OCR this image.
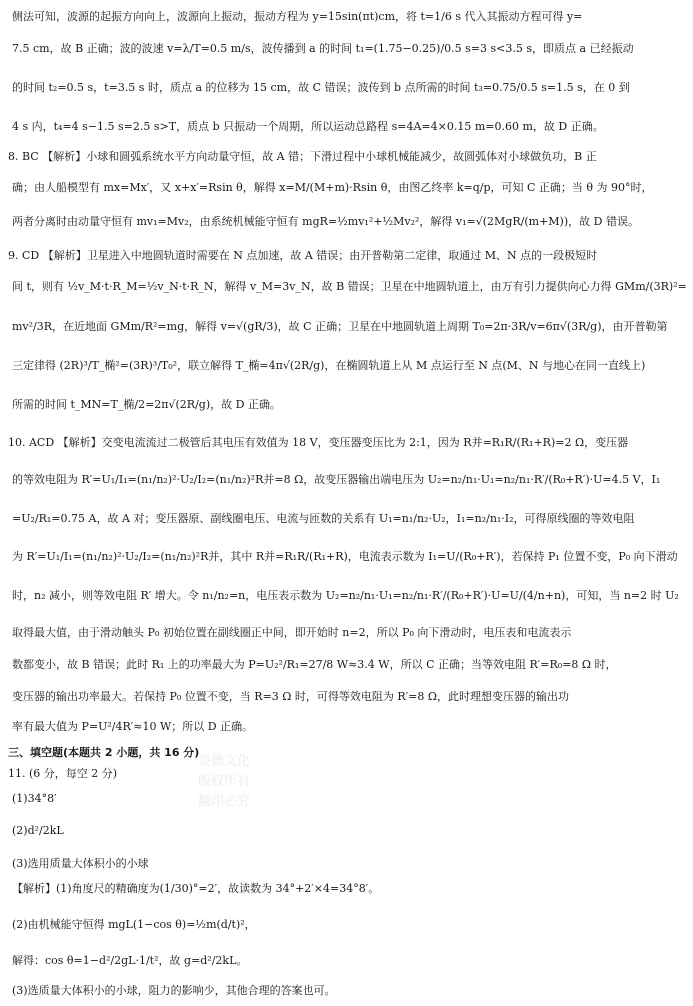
侧法可知，波源的起振方向向上，波源向上振动，振动方程为 y=15sin(πt)cm，将 t=1/6 s 代入其振动方程可得 y=
7.5 cm，故 B 正确；波的波速 v=λ/T=0.5 m/s，波传播到 a 的时间 t₁=(1.75−0.25)/0.5 s=3 s<3.5 s，即质点 a 已经振动
的时间 t₂=0.5 s，t=3.5 s 时，质点 a 的位移为 15 cm，故 C 错误；波传到 b 点所需的时间 t₃=0.75/0.5 s=1.5 s，在 0 到
4 s 内，t₄=4 s−1.5 s=2.5 s>T，质点 b 只振动一个周期，所以运动总路程 s=4A=4×0.15 m=0.60 m，故 D 正确。
8. BC 【解析】小球和圆弧系统水平方向动量守恒，故 A 错；下滑过程中小球机械能减少，故圆弧体对小球做负功，B 正
确；由人船模型有 mx=Mx′，又 x+x′=Rsin θ，解得 x=M/(M+m)·Rsin θ，由图乙终率 k=q/p，可知 C 正确；当 θ 为 90°时，
两者分离时由动量守恒有 mv₁=Mv₂，由系统机械能守恒有 mgR=½mv₁²+½Mv₂²，解得 v₁=√(2MgR/(m+M))，故 D 错误。
9. CD 【解析】卫星进入中地圆轨道时需要在 N 点加速，故 A 错误；由开普勒第二定律，取通过 M、N 点的一段极短时
间 t，则有 ½v_M·t·R_M=½v_N·t·R_N，解得 v_M=3v_N，故 B 错误；卫星在中地圆轨道上，由万有引力提供向心力得 GMm/(3R)²=
mv²/3R，在近地面 GMm/R²=mg，解得 v=√(gR/3)，故 C 正确；卫星在中地圆轨道上周期 T₀=2π·3R/v=6π√(3R/g)，由开普勒第
三定律得 (2R)³/T_椭²=(3R)³/T₀²，联立解得 T_椭=4π√(2R/g)，在椭圆轨道上从 M 点运行至 N 点(M、N 与地心在同一直线上)
所需的时间 t_MN=T_椭/2=2π√(2R/g)，故 D 正确。
10. ACD 【解析】交变电流流过二极管后其电压有效值为 18 V，变压器变压比为 2:1，因为 R并=R₁R/(R₁+R)=2 Ω，变压器
的等效电阻为 R′=U₁/I₁=(n₁/n₂)²·U₂/I₂=(n₁/n₂)²R并=8 Ω，故变压器输出端电压为 U₂=n₂/n₁·U₁=n₂/n₁·R′/(R₀+R′)·U=4.5 V，I₁
=U₂/R₁=0.75 A，故 A 对；变压器原、副线圈电压、电流与匝数的关系有 U₁=n₁/n₂·U₂，I₁=n₂/n₁·I₂，可得原线圈的等效电阻
为 R′=U₁/I₁=(n₁/n₂)²·U₂/I₂=(n₁/n₂)²R并，其中 R并=R₁R/(R₁+R)，电流表示数为 I₁=U/(R₀+R′)，若保持 P₁ 位置不变，P₀ 向下滑动
时，n₂ 减小，则等效电阻 R′ 增大。令 n₁/n₂=n，电压表示数为 U₂=n₂/n₁·U₁=n₂/n₁·R′/(R₀+R′)·U=U/(4/n+n)，可知，当 n=2 时 U₂
取得最大值，由于滑动触头 P₀ 初始位置在副线圈正中间，即开始时 n=2，所以 P₀ 向下滑动时，电压表和电流表示
数都变小，故 B 错误；此时 R₁ 上的功率最大为 P=U₂²/R₁=27/8 W≈3.4 W，所以 C 正确；当等效电阻 R′=R₀=8 Ω 时，
变压器的输出功率最大。若保持 P₀ 位置不变，当 R=3 Ω 时，可得等效电阻为 R′=8 Ω，此时理想变压器的输出功
率有最大值为 P=U²/4R′≈10 W；所以 D 正确。
三、填空题(本题共 2 小题，共 16 分)
11. (6 分，每空 2 分)
(1)34°8′
(2)d²/2kL
(3)选用质量大体积小的小球
【解析】(1)角度尺的精确度为(1/30)°=2′，故读数为 34°+2′×4=34°8′。
(2)由机械能守恒得 mgL(1−cos θ)=½m(d/t)²，
解得：cos θ=1−d²/2gL·1/t²，故 g=d²/2kL。
(3)选质量大体积小的小球，阻力的影响少，其他合理的答案也可。
炎德文化
版权所有
翻印必究
